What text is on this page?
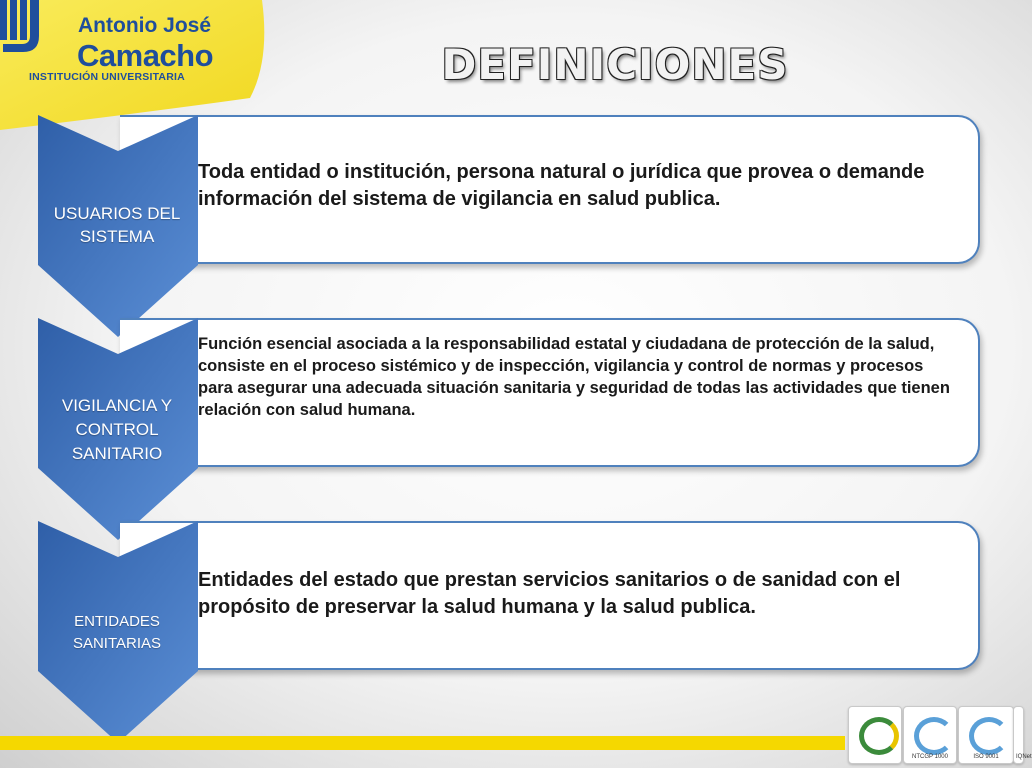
Antonio José
Camacho
INSTITUCIÓN UNIVERSITARIA	DEFINICIONES
Toda entidad o institución, persona natural o jurídica que provea o demande información del sistema de vigilancia en salud publica.
USUARIOS DEL SISTEMA
Función esencial asociada a la responsabilidad estatal y ciudadana de protección de la salud, consiste en el proceso sistémico y de inspección, vigilancia y control de normas y procesos para asegurar una adecuada situación sanitaria y seguridad de todas las actividades que tienen relación con salud humana.
VIGILANCIA Y CONTROL SANITARIO
Entidades del estado que prestan servicios sanitarios o de sanidad con el propósito de preservar la salud humana y la salud publica.
ENTIDADES SANITARIAS
NTCGP 1000	ISO 9001	IQNet
